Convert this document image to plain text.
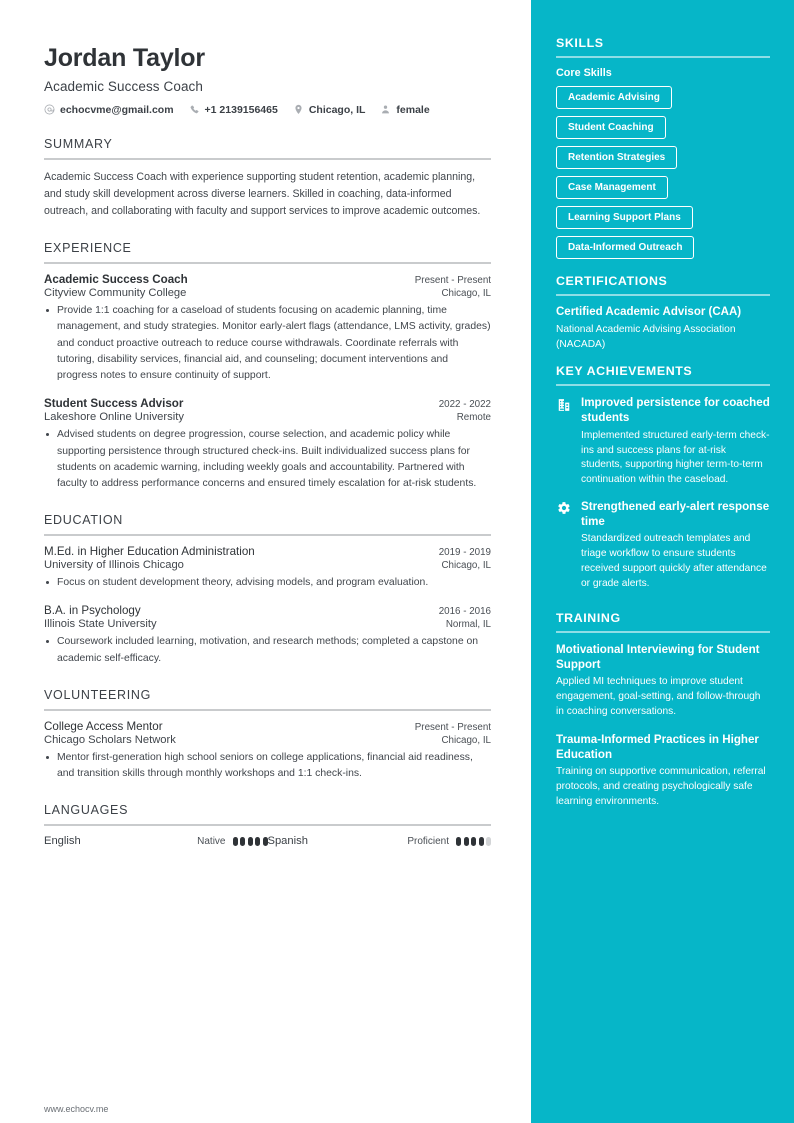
Jordan Taylor
Academic Success Coach
echocvme@gmail.com	+1 2139156465	Chicago, IL	female
SUMMARY
Academic Success Coach with experience supporting student retention, academic planning, and study skill development across diverse learners. Skilled in coaching, data-informed outreach, and collaborating with faculty and support services to improve academic outcomes.
EXPERIENCE
Academic Success Coach	Present - Present
Cityview Community College	Chicago, IL
Provide 1:1 coaching for a caseload of students focusing on academic planning, time management, and study strategies. Monitor early-alert flags (attendance, LMS activity, grades) and conduct proactive outreach to reduce course withdrawals. Coordinate referrals with tutoring, disability services, financial aid, and counseling; document interventions and progress notes to ensure continuity of support.
Student Success Advisor	2022 - 2022
Lakeshore Online University	Remote
Advised students on degree progression, course selection, and academic policy while supporting persistence through structured check-ins. Built individualized success plans for students on academic warning, including weekly goals and accountability. Partnered with faculty to address performance concerns and ensured timely escalation for at-risk students.
EDUCATION
M.Ed. in Higher Education Administration	2019 - 2019
University of Illinois Chicago	Chicago, IL
Focus on student development theory, advising models, and program evaluation.
B.A. in Psychology	2016 - 2016
Illinois State University	Normal, IL
Coursework included learning, motivation, and research methods; completed a capstone on academic self-efficacy.
VOLUNTEERING
College Access Mentor	Present - Present
Chicago Scholars Network	Chicago, IL
Mentor first-generation high school seniors on college applications, financial aid readiness, and transition skills through monthly workshops and 1:1 check-ins.
LANGUAGES
English	Native	Spanish	Proficient
www.echocv.me
SKILLS
Core Skills
Academic Advising
Student Coaching
Retention Strategies
Case Management
Learning Support Plans
Data-Informed Outreach
CERTIFICATIONS
Certified Academic Advisor (CAA)
National Academic Advising Association (NACADA)
KEY ACHIEVEMENTS
Improved persistence for coached students
Implemented structured early-term check-ins and success plans for at-risk students, supporting higher term-to-term continuation within the caseload.
Strengthened early-alert response time
Standardized outreach templates and triage workflow to ensure students received support quickly after attendance or grade alerts.
TRAINING
Motivational Interviewing for Student Support
Applied MI techniques to improve student engagement, goal-setting, and follow-through in coaching conversations.
Trauma-Informed Practices in Higher Education
Training on supportive communication, referral protocols, and creating psychologically safe learning environments.
